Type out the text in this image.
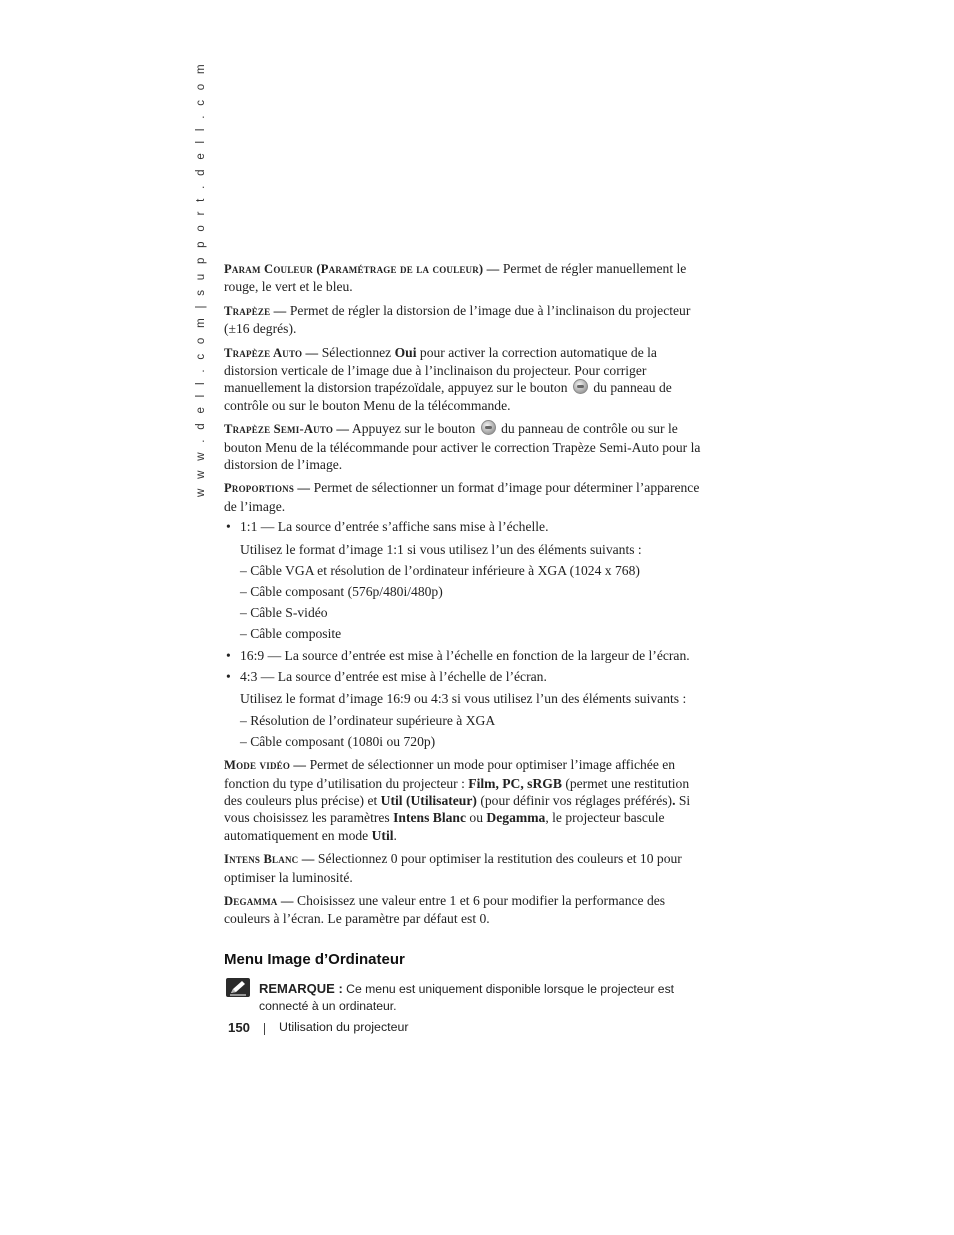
w w w . d e l l . c o m | s u p p o r t . d e l l . c o m Param Couleur (Paramétrage de la couleur) — Permet de régler manuellement le rouge, le vert et le bleu.

Trapèze — Permet de régler la distorsion de l’image due à l’inclinaison du projecteur (±16 degrés).

Trapèze Auto — Sélectionnez Oui pour activer la correction automatique de la distorsion verticale de l’image due à l’inclinaison du projecteur. Pour corriger manuellement la distorsion trapézoïdale, appuyez sur le bouton  du panneau de contrôle ou sur le bouton Menu de la télécommande.

Trapèze Semi-Auto — Appuyez sur le bouton  du panneau de contrôle ou sur le bouton Menu de la télécommande pour activer le correction Trapèze Semi-Auto pour la distorsion de l’image.

Proportions — Permet de sélectionner un format d’image pour déterminer l’apparence de l’image.

• 1:1 — La source d’entrée s’affiche sans mise à l’échelle.
Utilisez le format d’image 1:1 si vous utilisez l’un des éléments suivants :
– Câble VGA et résolution de l’ordinateur inférieure à XGA (1024 x 768)
– Câble composant (576p/480i/480p)
– Câble S-vidéo
– Câble composite
• 16:9 — La source d’entrée est mise à l’échelle en fonction de la largeur de l’écran.
• 4:3 — La source d’entrée est mise à l’échelle de l’écran.
Utilisez le format d’image 16:9 ou 4:3 si vous utilisez l’un des éléments suivants :
– Résolution de l’ordinateur supérieure à XGA
– Câble composant (1080i ou 720p)

Mode vidéo — Permet de sélectionner un mode pour optimiser l’image affichée en fonction du type d’utilisation du projecteur : Film, PC, sRGB (permet une restitution des couleurs plus précise) et Util (Utilisateur) (pour définir vos réglages préférés). Si vous choisissez les paramètres Intens Blanc ou Degamma, le projecteur bascule automatiquement en mode Util.

Intens Blanc — Sélectionnez 0 pour optimiser la restitution des couleurs et 10 pour optimiser la luminosité.

Degamma — Choisissez une valeur entre 1 et 6 pour modifier la performance des couleurs à l’écran. Le paramètre par défaut est 0.

Menu Image d’Ordinateur
REMARQUE : Ce menu est uniquement disponible lorsque le projecteur est connecté à un ordinateur.
150 Utilisation du projecteur
